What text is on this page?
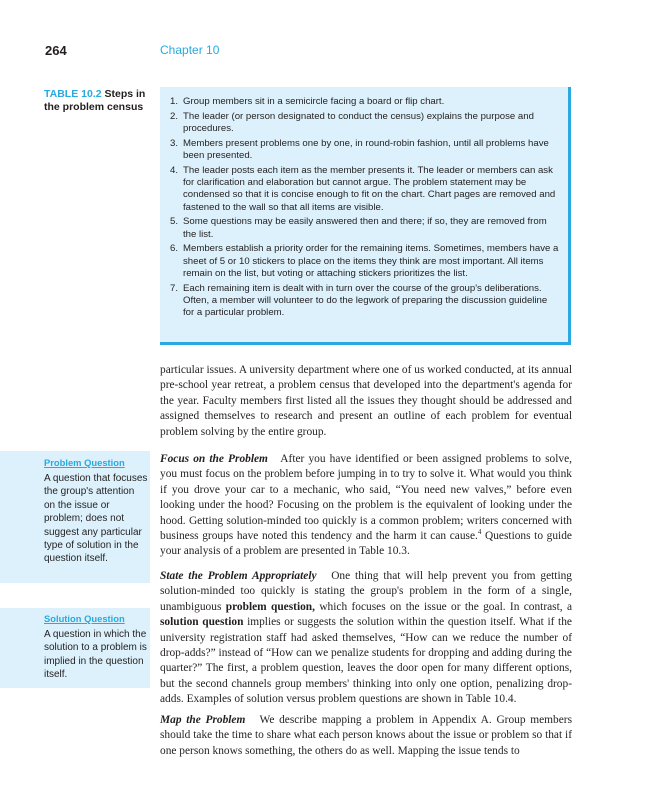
264	Chapter 10
TABLE 10.2 Steps in the problem census	1. Group members sit in a semicircle facing a board or flip chart.
2. The leader (or person designated to conduct the census) explains the purpose and procedures.
3. Members present problems one by one, in round-robin fashion, until all problems have been presented.
4. The leader posts each item as the member presents it. The leader or members can ask for clarification and elaboration but cannot argue. The problem statement may be condensed so that it is concise enough to fit on the chart. Chart pages are removed and fastened to the wall so that all items are visible.
5. Some questions may be easily answered then and there; if so, they are removed from the list.
6. Members establish a priority order for the remaining items. Sometimes, members have a sheet of 5 or 10 stickers to place on the items they think are most important. All items remain on the list, but voting or attaching stickers prioritizes the list.
7. Each remaining item is dealt with in turn over the course of the group's deliberations. Often, a member will volunteer to do the legwork of preparing the discussion guideline for a particular problem.

particular issues. A university department where one of us worked conducted, at its annual pre-school year retreat, a problem census that developed into the department's agenda for the year. Faculty members first listed all the issues they thought should be addressed and assigned themselves to research and present an outline of each problem for eventual problem solving by the entire group.

Focus on the Problem After you have identified or been assigned problems to solve, you must focus on the problem before jumping in to try to solve it. What would you think if you drove your car to a mechanic, who said, “You need new valves,” before even looking under the hood? Focusing on the problem is the equivalent of looking under the hood. Getting solution-minded too quickly is a common problem; writers concerned with business groups have noted this tendency and the harm it can cause.$^4$ Questions to guide your analysis of a problem are presented in Table 10.3.

State the Problem Appropriately One thing that will help prevent you from getting solution-minded too quickly is stating the group's problem in the form of a single, unambiguous problem question, which focuses on the issue or the goal. In contrast, a solution question implies or suggests the solution within the question itself. What if the university registration staff had asked themselves, “How can we reduce the number of drop-adds?” instead of “How can we penalize students for dropping and adding during the quarter?” The first, a problem question, leaves the door open for many different options, but the second channels group members' thinking into only one option, penalizing drop-adds. Examples of solution versus problem questions are shown in Table 10.4.

Map the Problem We describe mapping a problem in Appendix A. Group members should take the time to share what each person knows about the issue or problem so that if one person knows something, the others do as well. Mapping the issue tends to

Problem Question
A question that focuses the group's attention on the issue or problem; does not suggest any particular type of solution in the question itself.
Solution Question
A question in which the solution to a problem is implied in the question itself.
